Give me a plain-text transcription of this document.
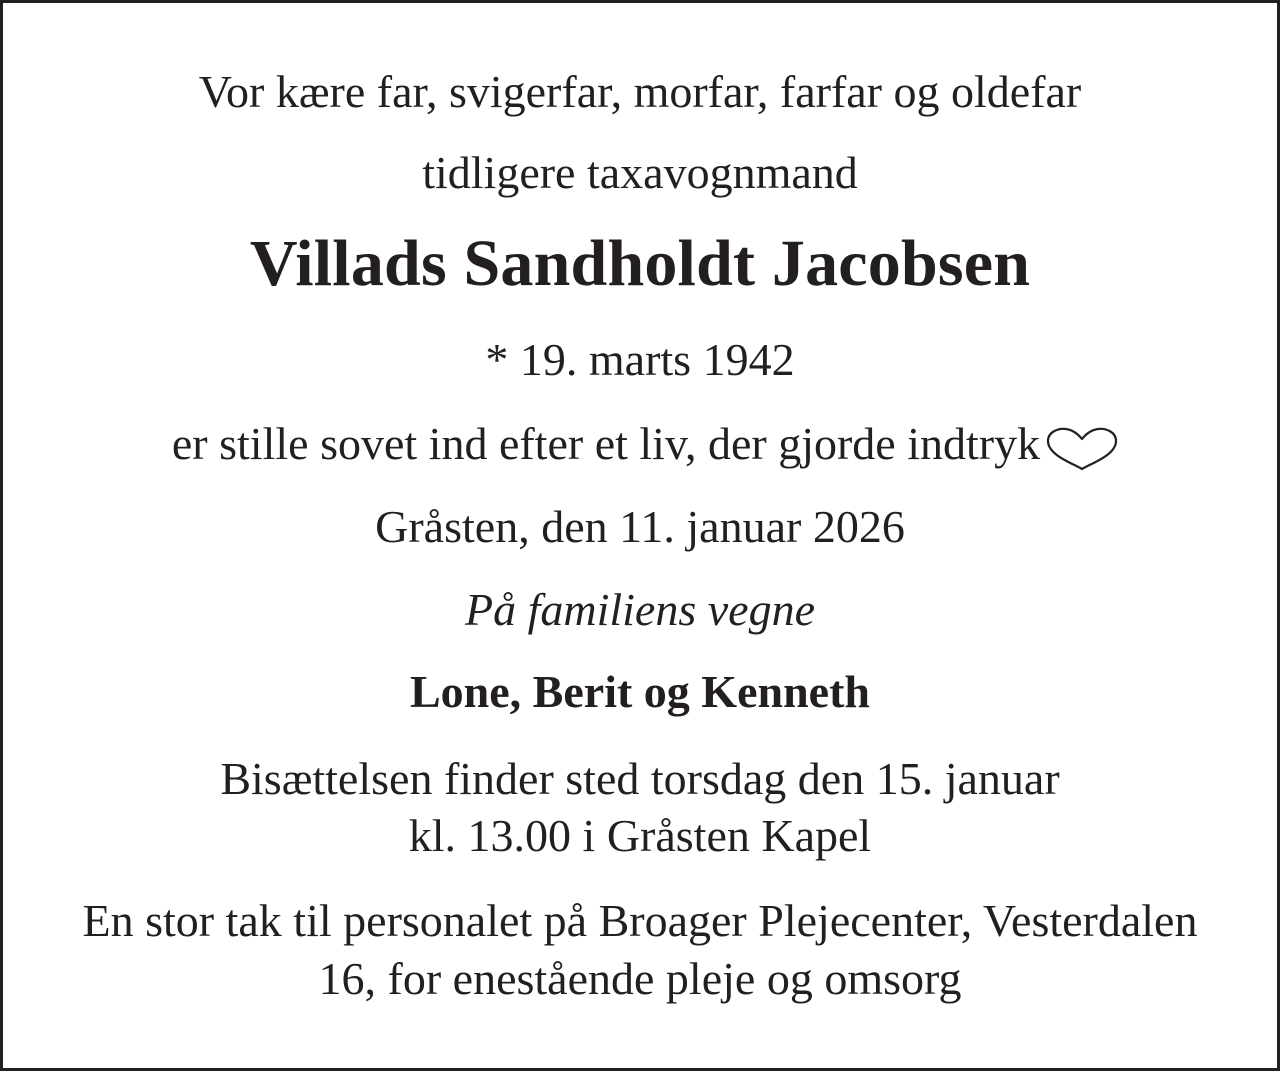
Vor kære far, svigerfar, morfar, farfar og oldefar
tidligere taxavognmand
Villads Sandholdt Jacobsen
* 19. marts 1942
er stille sovet ind efter et liv, der gjorde indtryk
Gråsten, den 11. januar 2026
På familiens vegne
Lone, Berit og Kenneth
Bisættelsen finder sted torsdag den 15. januar
kl. 13.00 i Gråsten Kapel
En stor tak til personalet på Broager Plejecenter, Vesterdalen
16, for enestående pleje og omsorg
